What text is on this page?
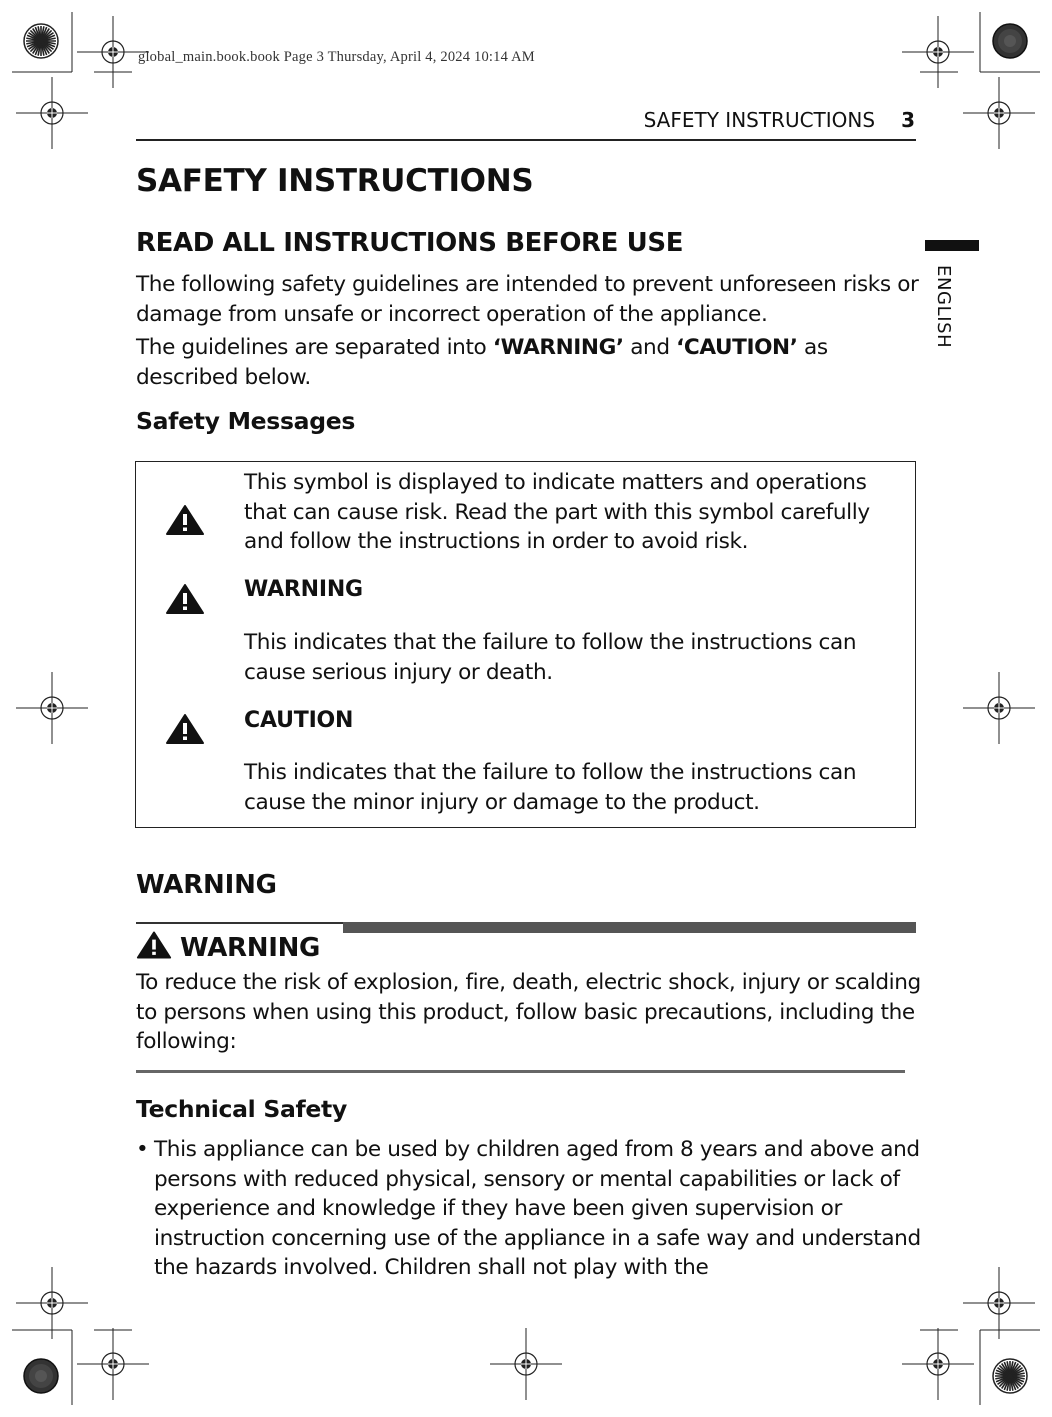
global_main.book.book Page 3 Thursday, April 4, 2024 10:14 AM
SAFETY INSTRUCTIONS 3
ENGLISH
SAFETY INSTRUCTIONS
READ ALL INSTRUCTIONS BEFORE USE
The following safety guidelines are intended to prevent unforeseen risks or damage from unsafe or incorrect operation of the appliance.
The guidelines are separated into ‘WARNING’ and ‘CAUTION’ as described below.
Safety Messages
This symbol is displayed to indicate matters and operations that can cause risk. Read the part with this symbol carefully and follow the instructions in order to avoid risk.
WARNING
This indicates that the failure to follow the instructions can cause serious injury or death.
CAUTION
This indicates that the failure to follow the instructions can cause the minor injury or damage to the product.
WARNING
WARNING
To reduce the risk of explosion, fire, death, electric shock, injury or scalding to persons when using this product, follow basic precautions, including the following:
Technical Safety
• This appliance can be used by children aged from 8 years and above and persons with reduced physical, sensory or mental capabilities or lack of experience and knowledge if they have been given supervision or instruction concerning use of the appliance in a safe way and understand the hazards involved. Children shall not play with the
